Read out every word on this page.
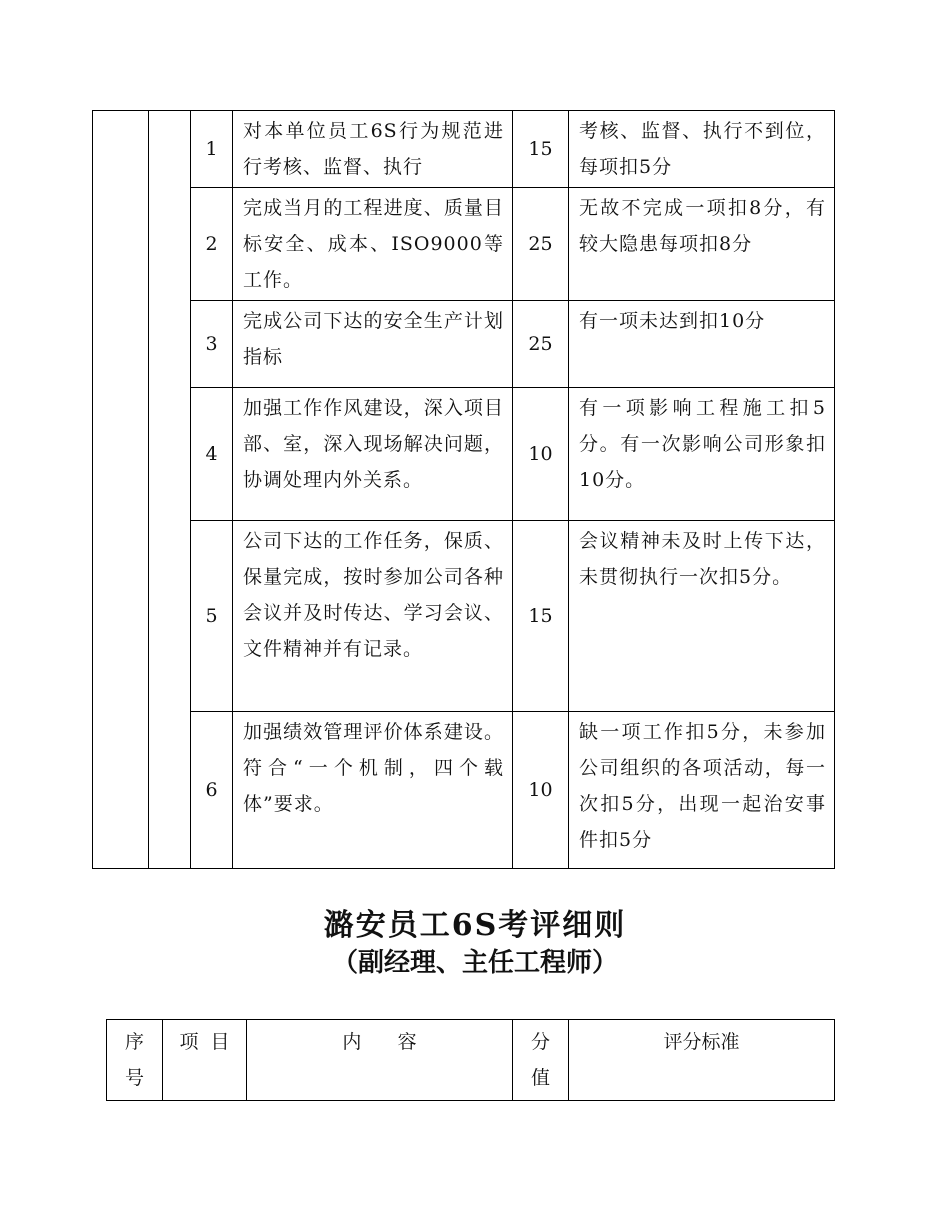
		1	对本单位员工6S行为规范进行考核、监督、执行	15	考核、监督、执行不到位，每项扣5分
		2	完成当月的工程进度、质量目标安全、成本、ISO9000等工作。	25	无故不完成一项扣8分，有较大隐患每项扣8分
		3	完成公司下达的安全生产计划指标	25	有一项未达到扣10分
		4	加强工作作风建设，深入项目部、室，深入现场解决问题，协调处理内外关系。	10	有一项影响工程施工扣5分。有一次影响公司形象扣10分。
		5	公司下达的工作任务，保质、保量完成，按时参加公司各种会议并及时传达、学习会议、文件精神并有记录。	15	会议精神未及时上传下达，未贯彻执行一次扣5分。
		6	加强绩效管理评价体系建设。符合“一个机制，四个载体”要求。	10	缺一项工作扣5分，未参加公司组织的各项活动，每一次扣5分，出现一起治安事件扣5分
潞安员工6S考评细则
（副经理、主任工程师）
序号	项  目	内      容	分值	评分标准
